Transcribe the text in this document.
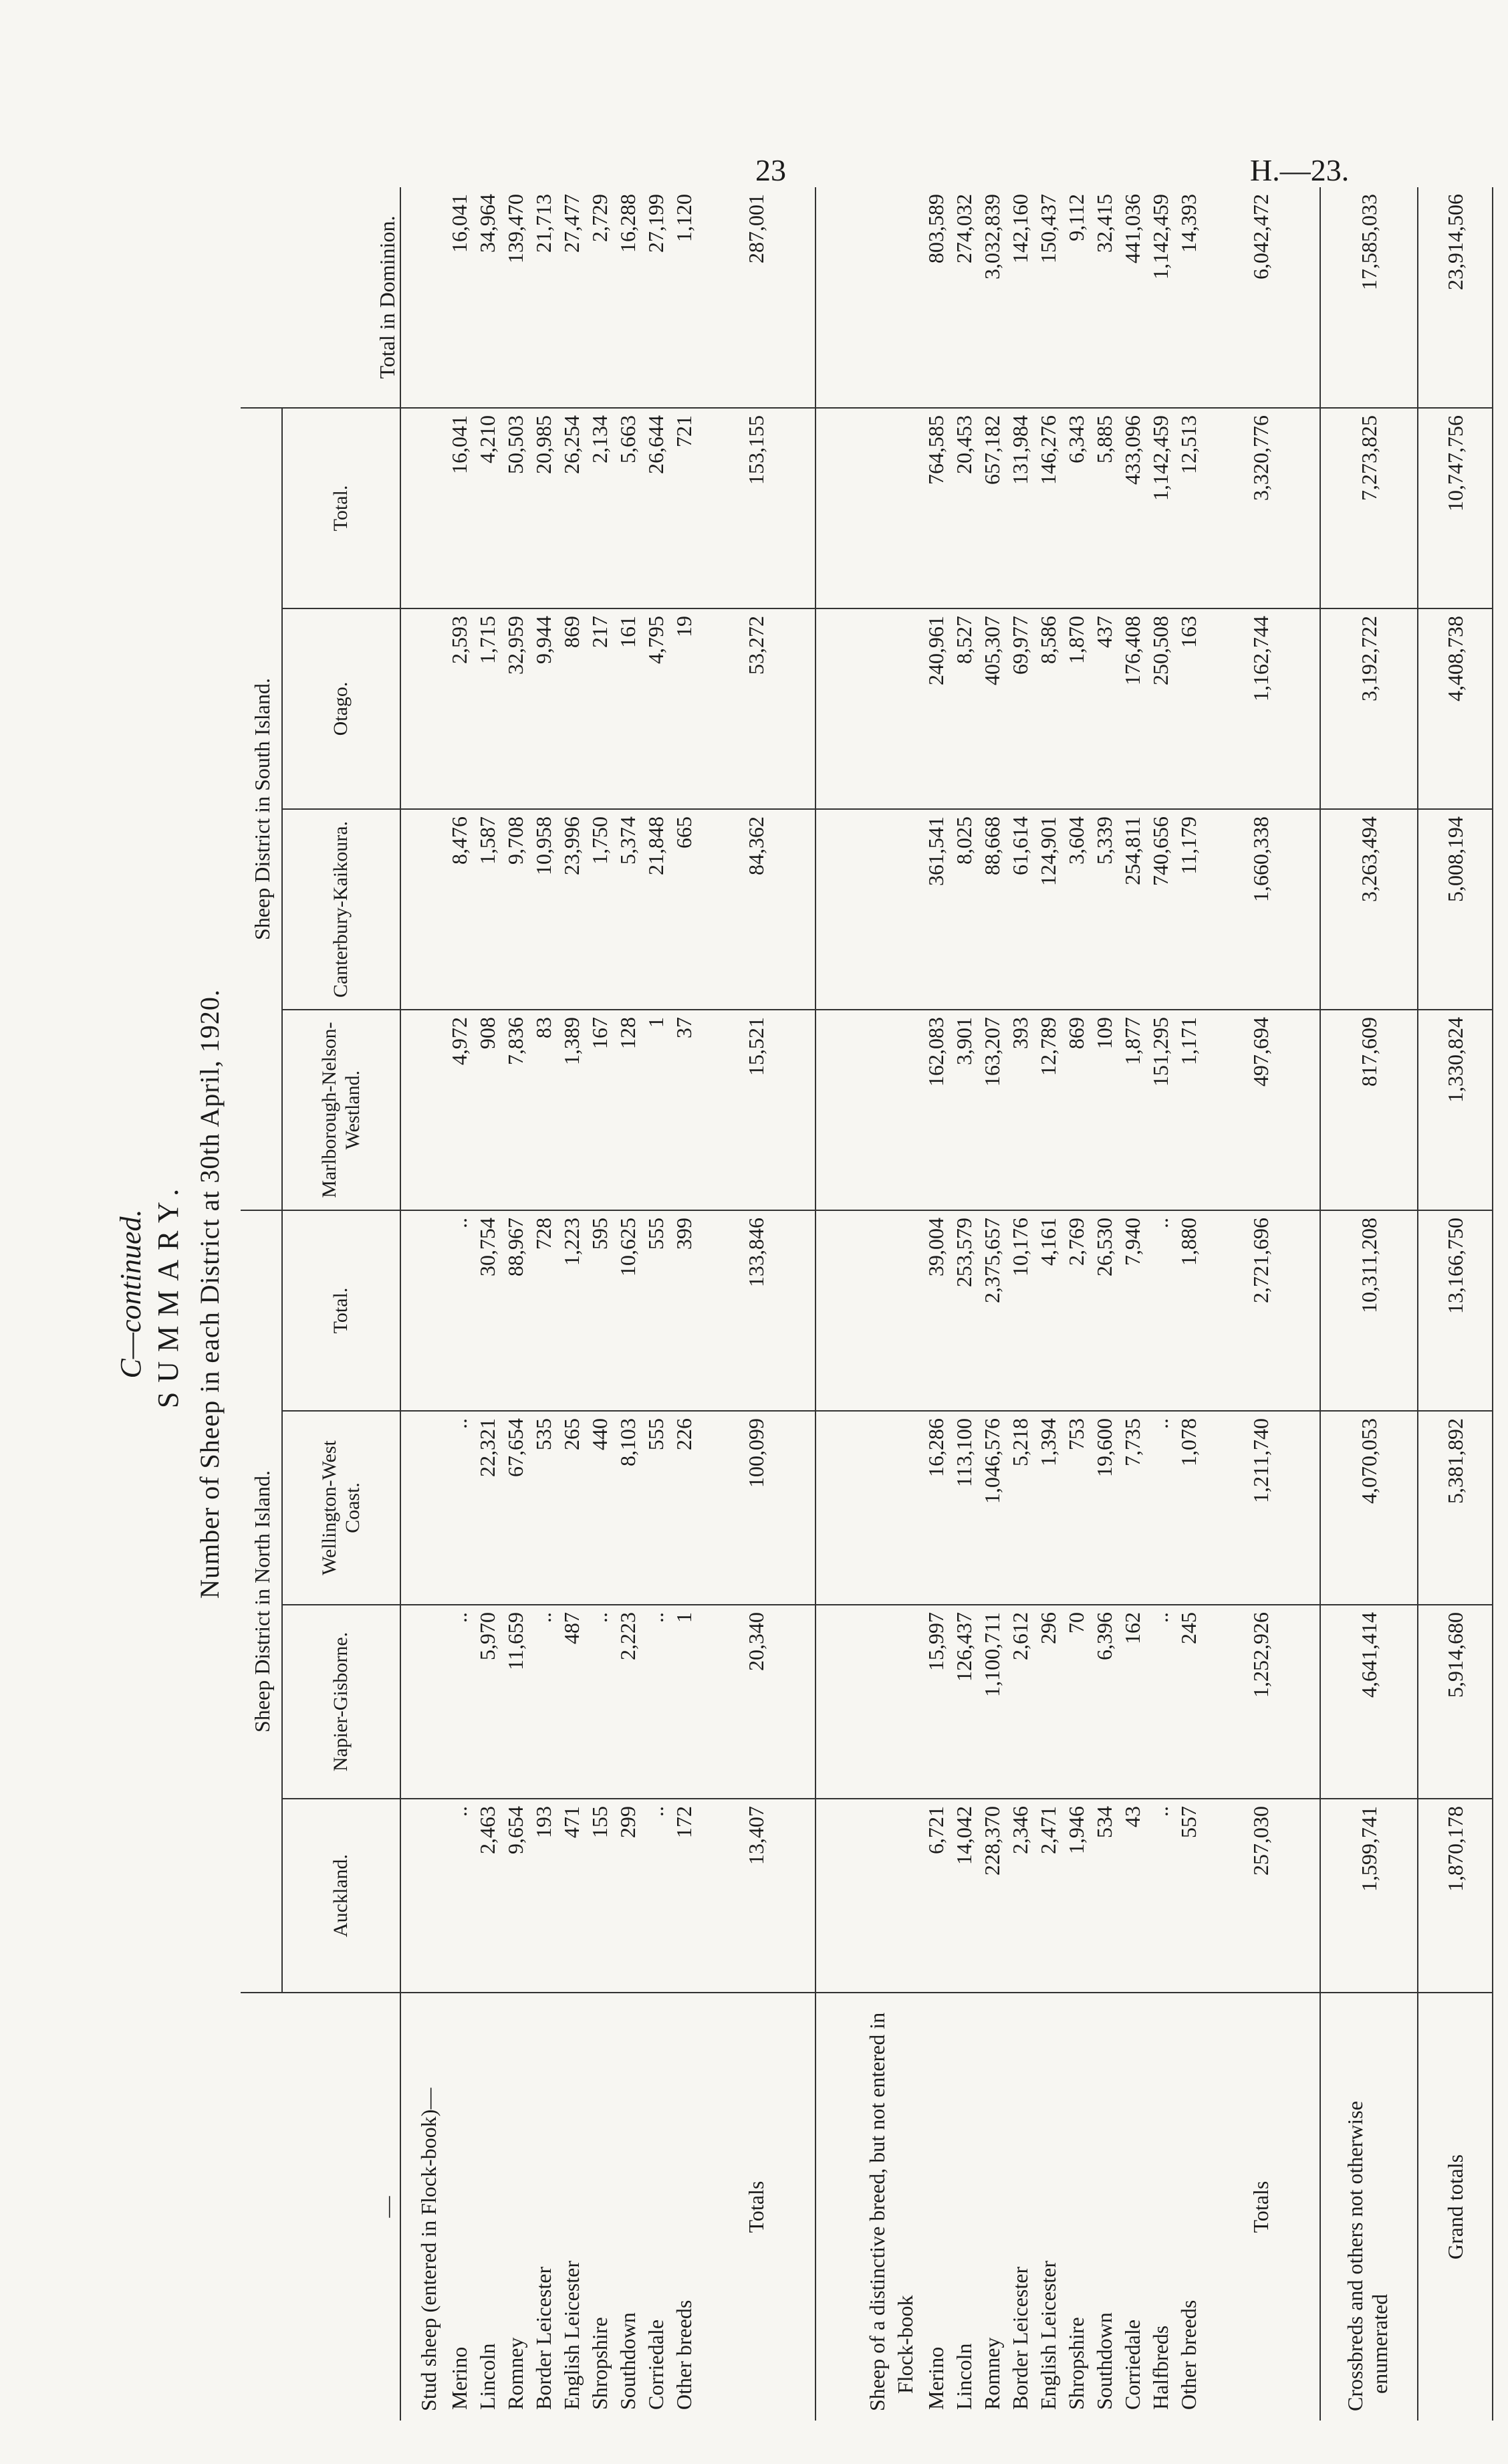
23	H.—23.
C—continued. SUMMARY. Number of Sheep in each District at 30th April, 1920.
—	Sheep District in North Island.				Sheep District in South Island.				Total in Dominion.
	Auckland.	Napier-Gisborne.	Wellington-West Coast.	Total.	Marlborough-Nelson-Westland.	Canterbury-Kaikoura.	Otago.	Total.	
Stud sheep (entered in Flock-book)—									
Merino	..	..	..	..	4,972	8,476	2,593	16,041	16,041
Lincoln	2,463	5,970	22,321	30,754	908	1,587	1,715	4,210	34,964
Romney	9,654	11,659	67,654	88,967	7,836	9,708	32,959	50,503	139,470
Border Leicester	193	..	535	728	83	10,958	9,944	20,985	21,713
English Leicester	471	487	265	1,223	1,389	23,996	869	26,254	27,477
Shropshire	155	..	440	595	167	1,750	217	2,134	2,729
Southdown	299	2,223	8,103	10,625	128	5,374	161	5,663	16,288
Corriedale	..	..	555	555	1	21,848	4,795	26,644	27,199
Other breeds	172	1	226	399	37	665	19	721	1,120
Totals	13,407	20,340	100,099	133,846	15,521	84,362	53,272	153,155	287,001

Sheep of a distinctive breed, but not entered in Flock-book									
Merino	6,721	15,997	16,286	39,004	162,083	361,541	240,961	764,585	803,589
Lincoln	14,042	126,437	113,100	253,579	3,901	8,025	8,527	20,453	274,032
Romney	228,370	1,100,711	1,046,576	2,375,657	163,207	88,668	405,307	657,182	3,032,839
Border Leicester	2,346	2,612	5,218	10,176	393	61,614	69,977	131,984	142,160
English Leicester	2,471	296	1,394	4,161	12,789	124,901	8,586	146,276	150,437
Shropshire	1,946	70	753	2,769	869	3,604	1,870	6,343	9,112
Southdown	534	6,396	19,600	26,530	109	5,339	437	5,885	32,415
Corriedale	43	162	7,735	7,940	1,877	254,811	176,408	433,096	441,036
Halfbreds	..	..	..	..	151,295	740,656	250,508	1,142,459	1,142,459
Other breeds	557	245	1,078	1,880	1,171	11,179	163	12,513	14,393
Totals	257,030	1,252,926	1,211,740	2,721,696	497,694	1,660,338	1,162,744	3,320,776	6,042,472
Crossbreds and others not otherwise enumerated	1,599,741	4,641,414	4,070,053	10,311,208	817,609	3,263,494	3,192,722	7,273,825	17,585,033
Grand totals	1,870,178	5,914,680	5,381,892	13,166,750	1,330,824	5,008,194	4,408,738	10,747,756	23,914,506
